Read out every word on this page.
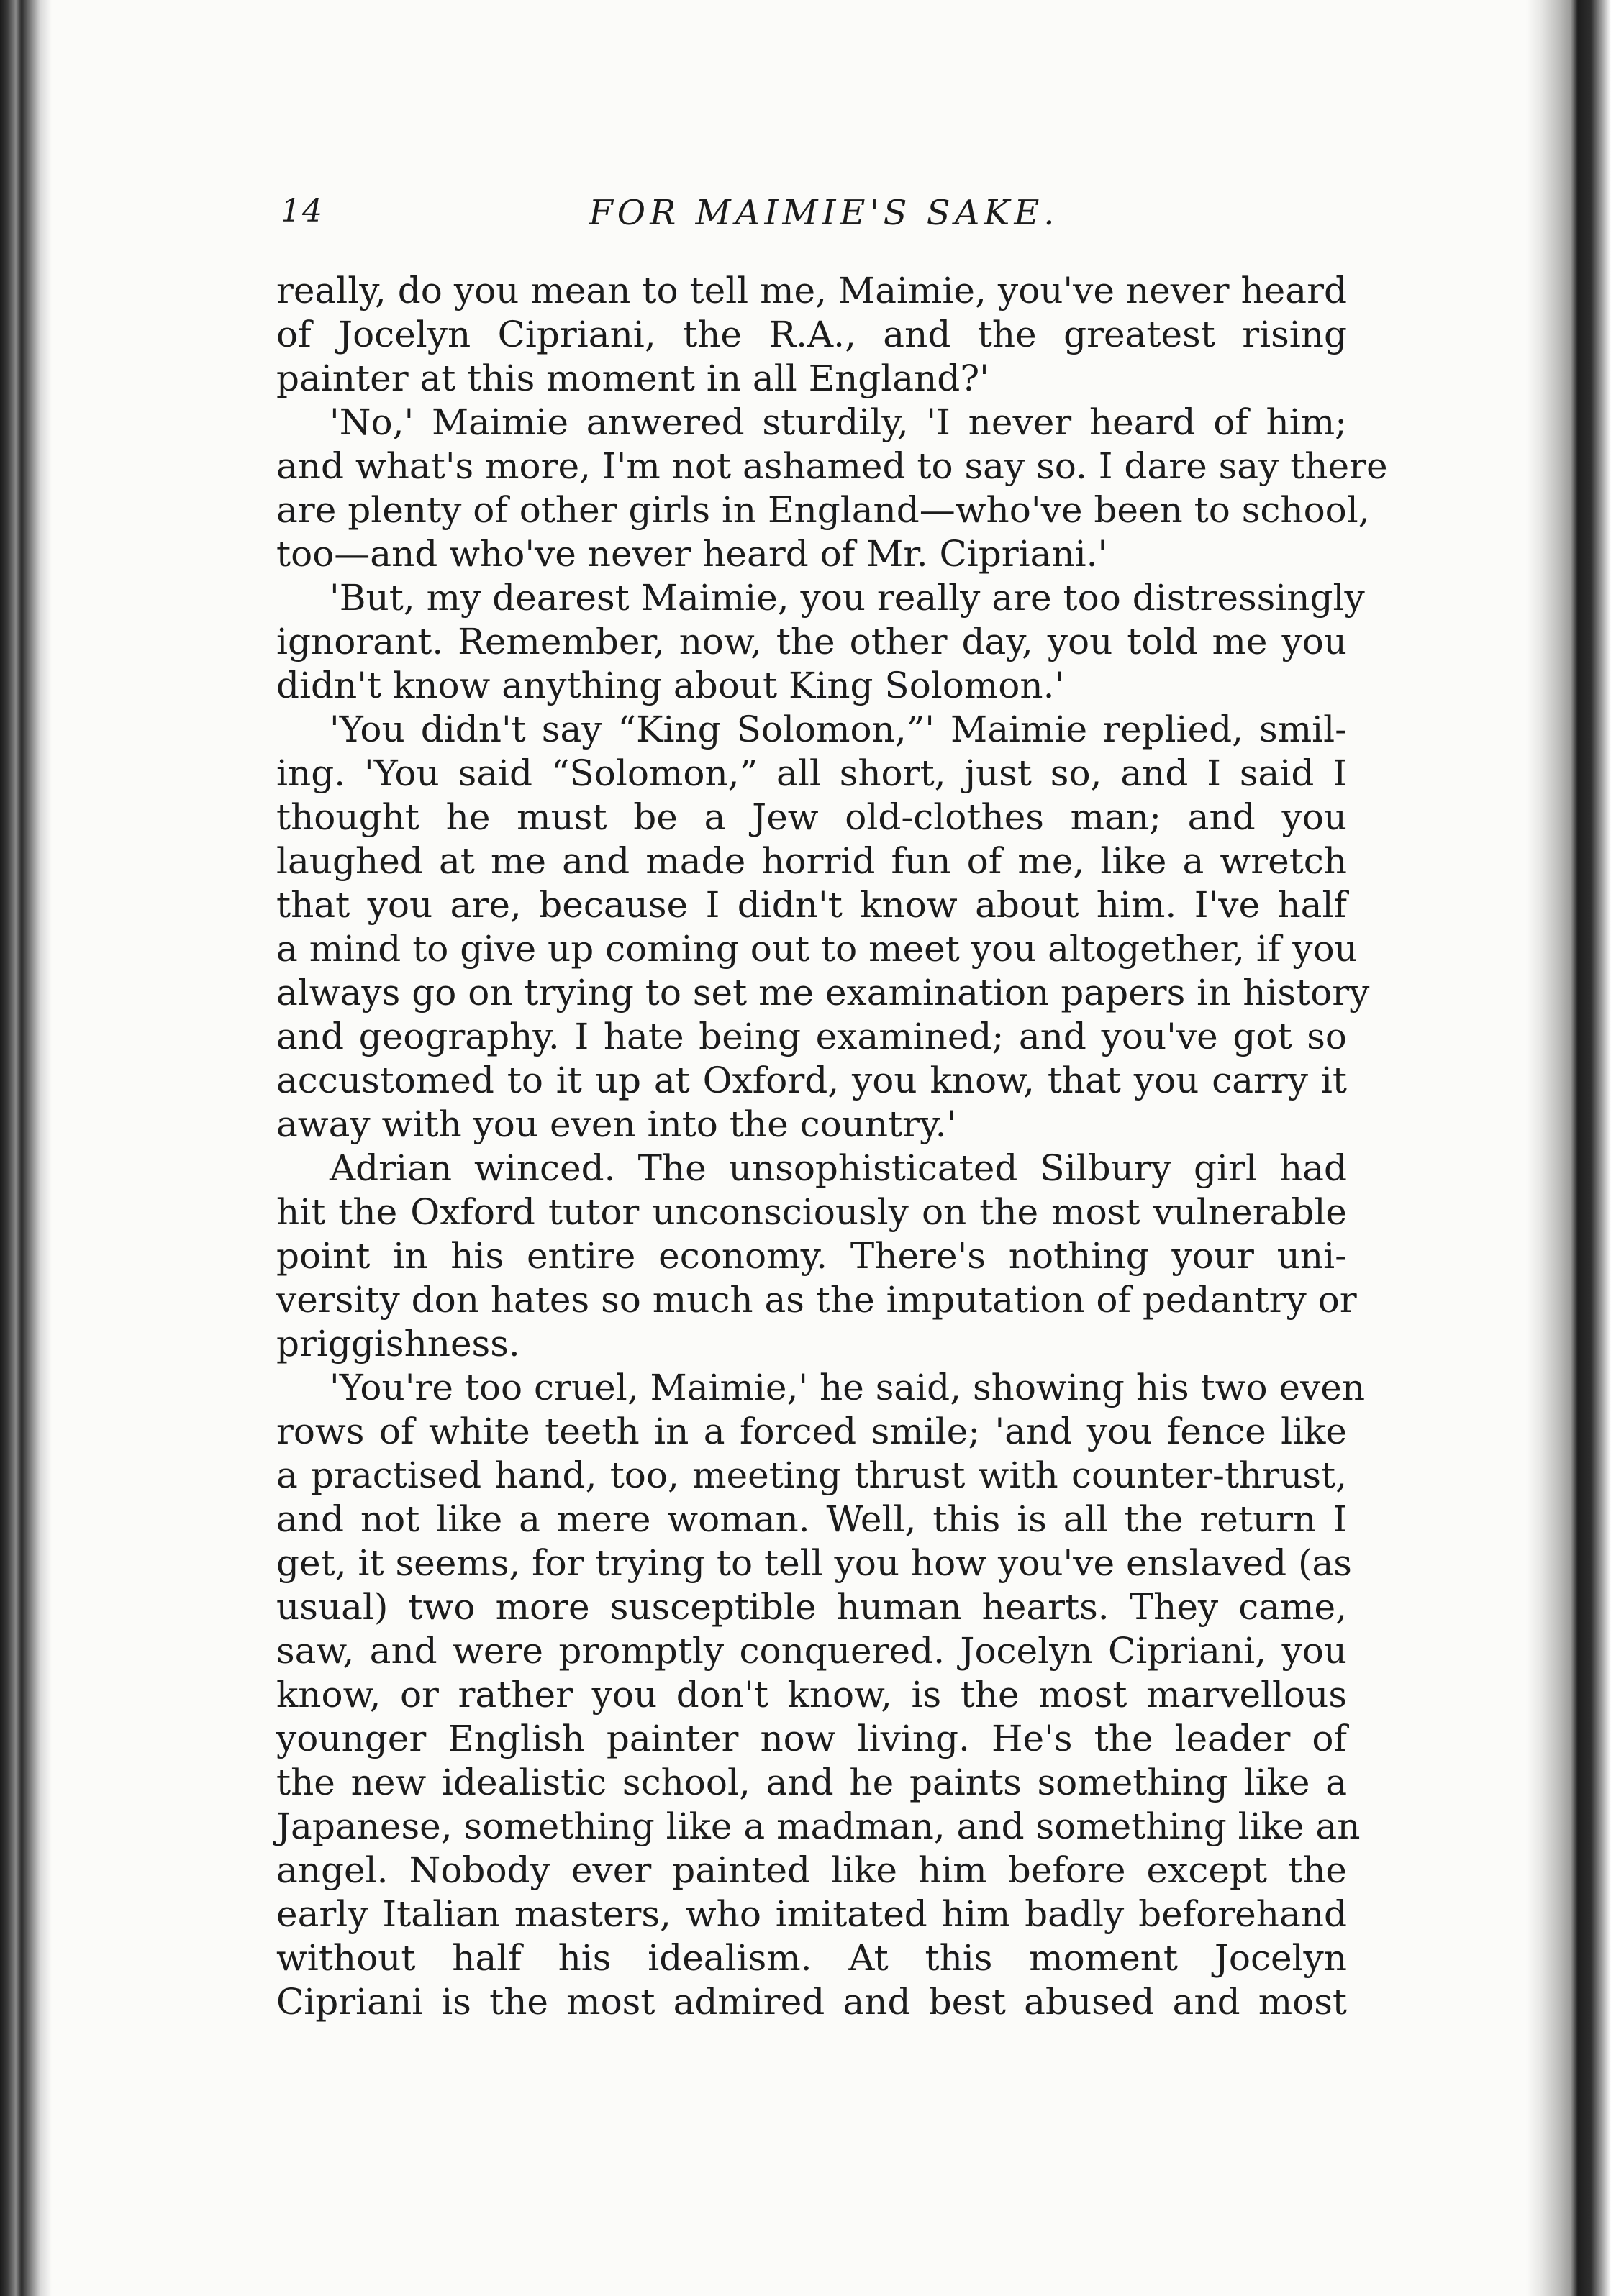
14	FOR MAIMIE'S SAKE.
really, do you mean to tell me, Maimie, you've never heard
of Jocelyn Cipriani, the R.A., and the greatest rising
painter at this moment in all England?'
'No,' Maimie anwered sturdily, 'I never heard of him;
and what's more, I'm not ashamed to say so. I dare say there
are plenty of other girls in England—who've been to school,
too—and who've never heard of Mr. Cipriani.'
'But, my dearest Maimie, you really are too distressingly
ignorant. Remember, now, the other day, you told me you
didn't know anything about King Solomon.'
'You didn't say “King Solomon,”' Maimie replied, smil-
ing. 'You said “Solomon,” all short, just so, and I said I
thought he must be a Jew old-clothes man; and you
laughed at me and made horrid fun of me, like a wretch
that you are, because I didn't know about him. I've half
a mind to give up coming out to meet you altogether, if you
always go on trying to set me examination papers in history
and geography. I hate being examined; and you've got so
accustomed to it up at Oxford, you know, that you carry it
away with you even into the country.'
Adrian winced. The unsophisticated Silbury girl had
hit the Oxford tutor unconsciously on the most vulnerable
point in his entire economy. There's nothing your uni-
versity don hates so much as the imputation of pedantry or
priggishness.
'You're too cruel, Maimie,' he said, showing his two even
rows of white teeth in a forced smile; 'and you fence like
a practised hand, too, meeting thrust with counter-thrust,
and not like a mere woman. Well, this is all the return I
get, it seems, for trying to tell you how you've enslaved (as
usual) two more susceptible human hearts. They came,
saw, and were promptly conquered. Jocelyn Cipriani, you
know, or rather you don't know, is the most marvellous
younger English painter now living. He's the leader of
the new idealistic school, and he paints something like a
Japanese, something like a madman, and something like an
angel. Nobody ever painted like him before except the
early Italian masters, who imitated him badly beforehand
without half his idealism. At this moment Jocelyn
Cipriani is the most admired and best abused and most
